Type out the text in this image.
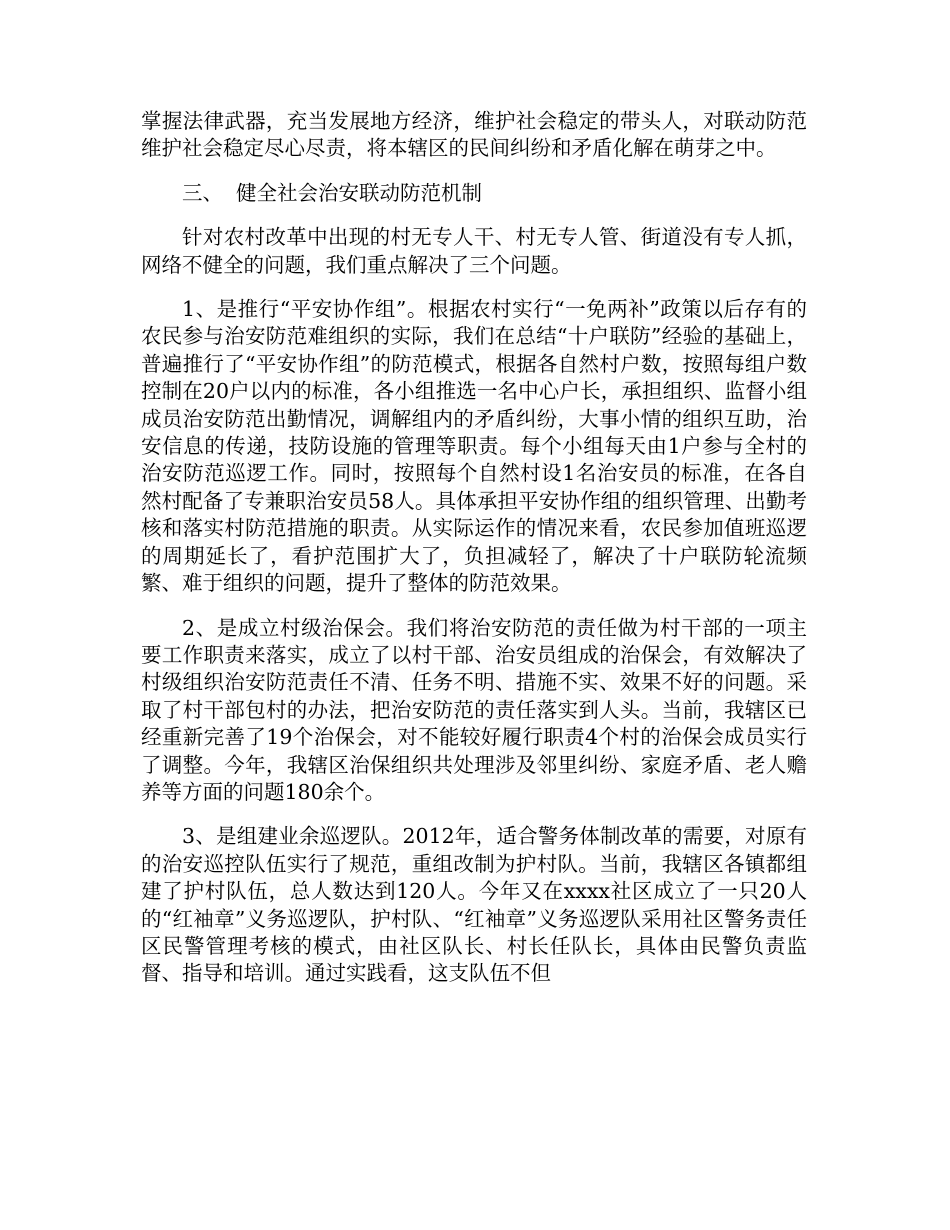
掌握法律武器，充当发展地方经济，维护社会稳定的带头人，对联动防范维护社会稳定尽心尽责，将本辖区的民间纠纷和矛盾化解在萌芽之中。

三、  健全社会治安联动防范机制

针对农村改革中出现的村无专人干、村无专人管、街道没有专人抓，网络不健全的问题，我们重点解决了三个问题。

1、是推行“平安协作组”。根据农村实行“一免两补”政策以后存有的农民参与治安防范难组织的实际，我们在总结“十户联防”经验的基础上，普遍推行了“平安协作组”的防范模式，根据各自然村户数，按照每组户数控制在20户以内的标准，各小组推选一名中心户长，承担组织、监督小组成员治安防范出勤情况，调解组内的矛盾纠纷，大事小情的组织互助，治安信息的传递，技防设施的管理等职责。每个小组每天由1户参与全村的治安防范巡逻工作。同时，按照每个自然村设1名治安员的标准，在各自然村配备了专兼职治安员58人。具体承担平安协作组的组织管理、出勤考核和落实村防范措施的职责。从实际运作的情况来看，农民参加值班巡逻的周期延长了，看护范围扩大了，负担减轻了，解决了十户联防轮流频繁、难于组织的问题，提升了整体的防范效果。

2、是成立村级治保会。我们将治安防范的责任做为村干部的一项主要工作职责来落实，成立了以村干部、治安员组成的治保会，有效解决了村级组织治安防范责任不清、任务不明、措施不实、效果不好的问题。采取了村干部包村的办法，把治安防范的责任落实到人头。当前，我辖区已经重新完善了19个治保会，对不能较好履行职责4个村的治保会成员实行了调整。今年，我辖区治保组织共处理涉及邻里纠纷、家庭矛盾、老人赡养等方面的问题180余个。

3、是组建业余巡逻队。2012年，适合警务体制改革的需要，对原有的治安巡控队伍实行了规范，重组改制为护村队。当前，我辖区各镇都组建了护村队伍，总人数达到120人。今年又在xxxx社区成立了一只20人的“红袖章”义务巡逻队，护村队、“红袖章”义务巡逻队采用社区警务责任区民警管理考核的模式，由社区队长、村长任队长，具体由民警负责监督、指导和培训。通过实践看，这支队伍不但
